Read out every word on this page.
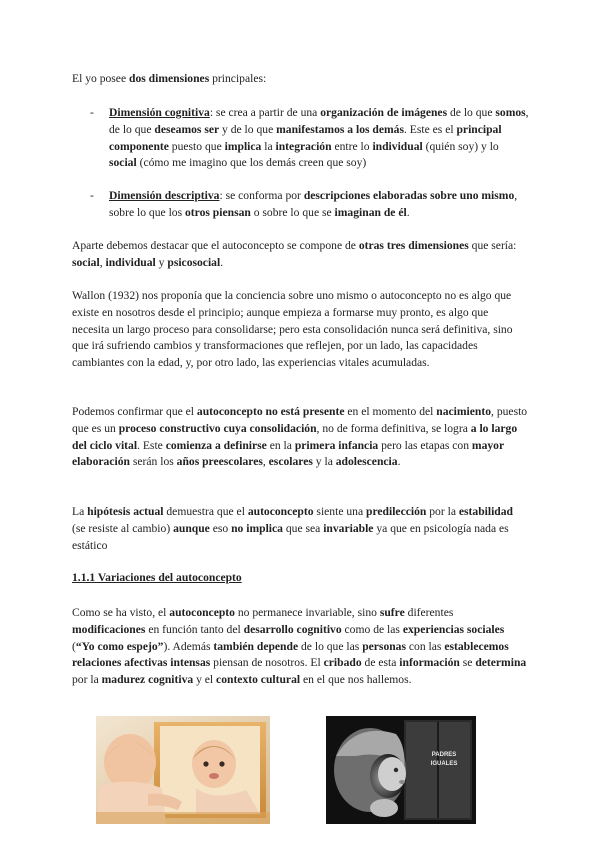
El yo posee dos dimensiones principales:

- Dimensión cognitiva: se crea a partir de una organización de imágenes de lo que somos, de lo que deseamos ser y de lo que manifestamos a los demás. Este es el principal componente puesto que implica la integración entre lo individual (quién soy) y lo social (cómo me imagino que los demás creen que soy)

- Dimensión descriptiva: se conforma por descripciones elaboradas sobre uno mismo, sobre lo que los otros piensan o sobre lo que se imaginan de él.

Aparte debemos destacar que el autoconcepto se compone de otras tres dimensiones que sería: social, individual y psicosocial.

Wallon (1932) nos proponía que la conciencia sobre uno mismo o autoconcepto no es algo que existe en nosotros desde el principio; aunque empieza a formarse muy pronto, es algo que necesita un largo proceso para consolidarse; pero esta consolidación nunca será definitiva, sino que irá sufriendo cambios y transformaciones que reflejen, por un lado, las capacidades cambiantes con la edad, y, por otro lado, las experiencias vitales acumuladas.

Podemos confirmar que el autoconcepto no está presente en el momento del nacimiento, puesto que es un proceso constructivo cuya consolidación, no de forma definitiva, se logra a lo largo del ciclo vital. Este comienza a definirse en la primera infancia pero las etapas con mayor elaboración serán los años preescolares, escolares y la adolescencia.

La hipótesis actual demuestra que el autoconcepto siente una predilección por la estabilidad (se resiste al cambio) aunque eso no implica que sea invariable ya que en psicología nada es estático

1.1.1 Variaciones del autoconcepto

Como se ha visto, el autoconcepto no permanece invariable, sino sufre diferentes modificaciones en función tanto del desarrollo cognitivo como de las experiencias sociales (“Yo como espejo”). Además también depende de lo que las personas con las establecemos relaciones afectivas intensas piensan de nosotros. El cribado de esta información se determina por la madurez cognitiva y el contexto cultural en el que nos hallemos.

PADRES
IGUALES
